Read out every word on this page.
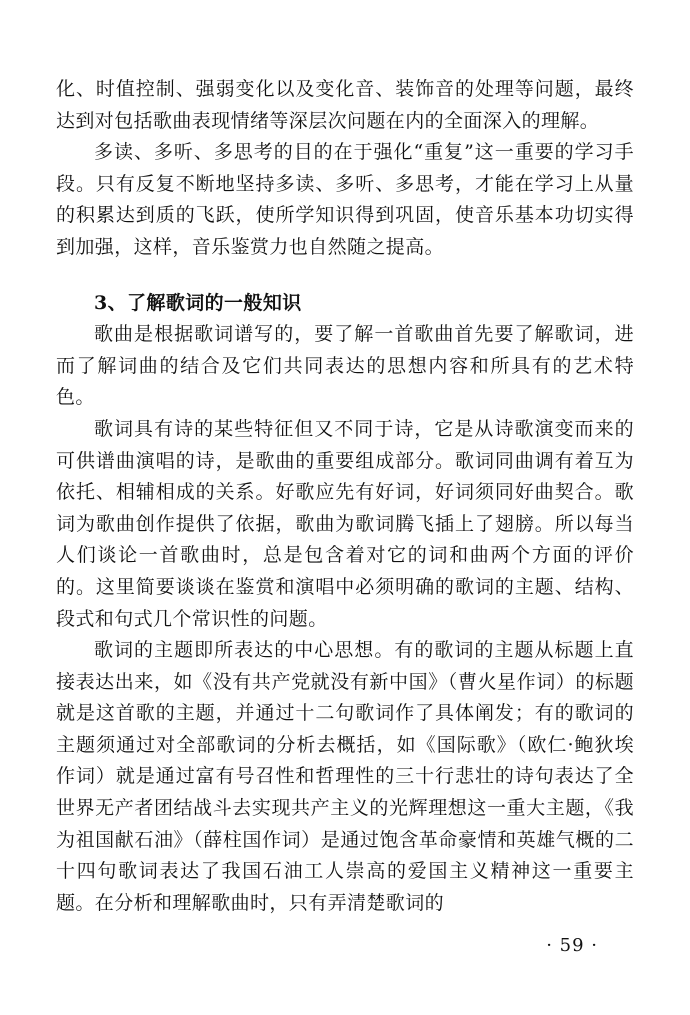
化、时值控制、强弱变化以及变化音、装饰音的处理等问题，最终达到对包括歌曲表现情绪等深层次问题在内的全面深入的理解。

多读、多听、多思考的目的在于强化“重复”这一重要的学习手段。只有反复不断地坚持多读、多听、多思考，才能在学习上从量的积累达到质的飞跃，使所学知识得到巩固，使音乐基本功切实得到加强，这样，音乐鉴赏力也自然随之提高。

3、了解歌词的一般知识

歌曲是根据歌词谱写的，要了解一首歌曲首先要了解歌词，进而了解词曲的结合及它们共同表达的思想内容和所具有的艺术特色。

歌词具有诗的某些特征但又不同于诗，它是从诗歌演变而来的可供谱曲演唱的诗，是歌曲的重要组成部分。歌词同曲调有着互为依托、相辅相成的关系。好歌应先有好词，好词须同好曲契合。歌词为歌曲创作提供了依据，歌曲为歌词腾飞插上了翅膀。所以每当人们谈论一首歌曲时，总是包含着对它的词和曲两个方面的评价的。这里简要谈谈在鉴赏和演唱中必须明确的歌词的主题、结构、段式和句式几个常识性的问题。

歌词的主题即所表达的中心思想。有的歌词的主题从标题上直接表达出来，如《没有共产党就没有新中国》（曹火星作词）的标题就是这首歌的主题，并通过十二句歌词作了具体阐发；有的歌词的主题须通过对全部歌词的分析去概括，如《国际歌》（欧仁·鲍狄埃作词）就是通过富有号召性和哲理性的三十行悲壮的诗句表达了全世界无产者团结战斗去实现共产主义的光辉理想这一重大主题，《我为祖国献石油》（薛柱国作词）是通过饱含革命豪情和英雄气概的二十四句歌词表达了我国石油工人崇高的爱国主义精神这一重要主题。在分析和理解歌曲时，只有弄清楚歌词的

· 59 ·
